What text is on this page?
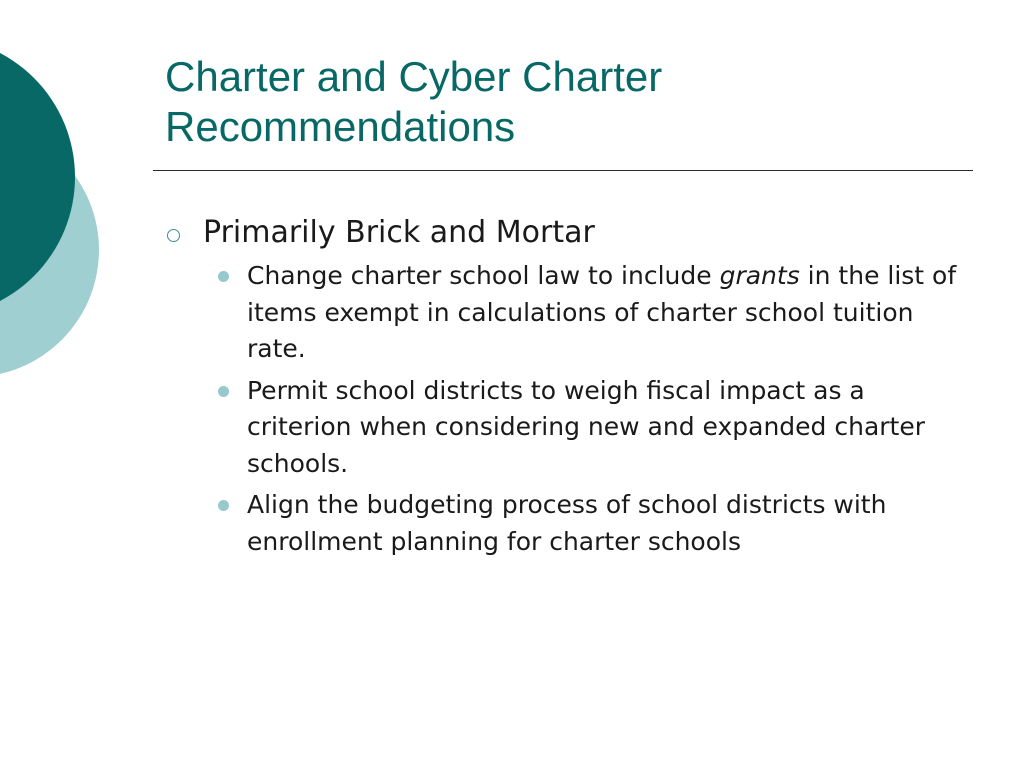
Charter and Cyber Charter
Recommendations
Primarily Brick and Mortar
Change charter school law to include grants in the list of items exempt in calculations of charter school tuition rate.
Permit school districts to weigh fiscal impact as a criterion when considering new and expanded charter schools.
Align the budgeting process of school districts with enrollment planning for charter schools
